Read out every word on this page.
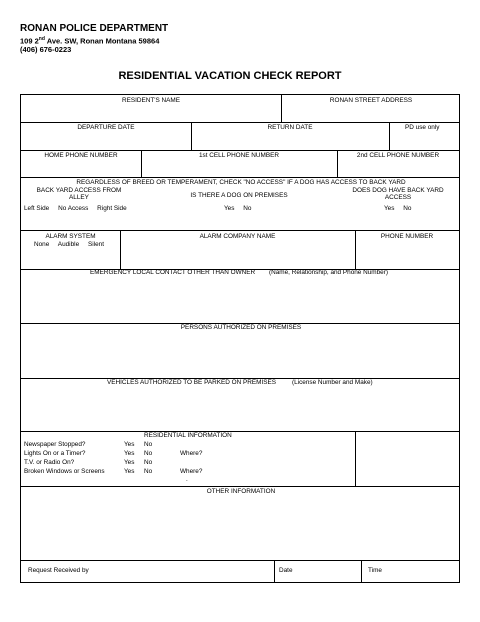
RONAN POLICE DEPARTMENT
109 2nd Ave. SW, Ronan Montana 59864
(406) 676-0223
RESIDENTIAL VACATION CHECK REPORT
RESIDENT'S NAME	RONAN STREET ADDRESS
DEPARTURE DATE	RETURN DATE	PD use only
HOME PHONE NUMBER	1st CELL PHONE NUMBER	2nd CELL PHONE NUMBER
REGARDLESS OF BREED OR TEMPERAMENT, CHECK "NO ACCESS" IF A DOG HAS ACCESS TO BACK YARD
BACK YARD ACCESS FROM ALLEY
Left Side     No Access     Right Side
IS THERE A DOG ON PREMISES
Yes     No
DOES DOG HAVE BACK YARD ACCESS
Yes     No
ALARM SYSTEM
None     Audible     Silent
ALARM COMPANY NAME	PHONE NUMBER
EMERGENCY LOCAL CONTACT OTHER THAN OWNER (Name, Relationship, and Phone Number)
PERSONS AUTHORIZED ON PREMISES
VEHICLES AUTHORIZED TO BE PARKED ON PREMISES (License Number and Make)
RESIDENTIAL INFORMATION
Newspaper Stopped?	Yes No
Lights On or a Timer?	Yes No	Where?
T.V. or Radio On?	Yes No
Broken Windows or Screens	Yes No	Where?
.
OTHER INFORMATION
Request Received by	Date	Time
